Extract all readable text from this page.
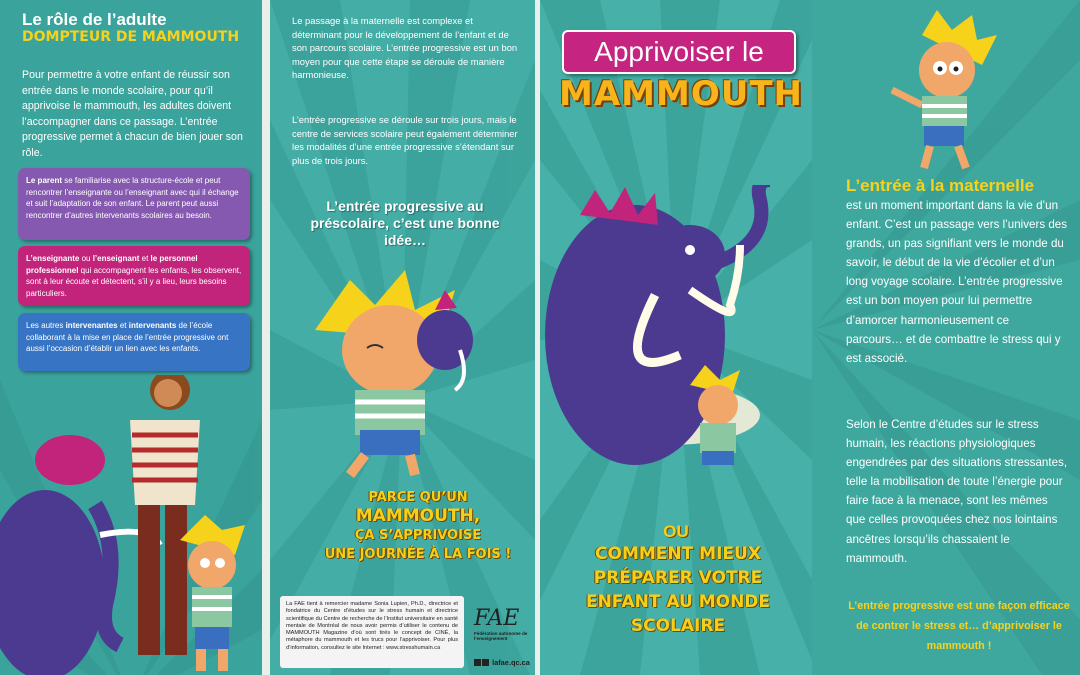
Le rôle de l’adulte
DOMPTEUR DE MAMMOUTH
Pour permettre à votre enfant de réussir son entrée dans le monde scolaire, pour qu’il apprivoise le mammouth, les adultes doivent l’accompagner dans ce passage. L’entrée progressive permet à chacun de bien jouer son rôle.
Le parent se familiarise avec la structure-école et peut rencontrer l’enseignante ou l’enseignant avec qui il échange et suit l’adaptation de son enfant. Le parent peut aussi rencontrer d’autres intervenants scolaires au besoin.
L’enseignante ou l’enseignant et le personnel professionnel qui accompagnent les enfants, les observent, sont à leur écoute et détectent, s’il y a lieu, leurs besoins particuliers.
Les autres intervenantes et intervenants de l’école collaborant à la mise en place de l’entrée progressive ont aussi l’occasion d’établir un lien avec les enfants.
Le passage à la maternelle est complexe et déterminant pour le développement de l’enfant et de son parcours scolaire. L’entrée progressive est un bon moyen pour que cette étape se déroule de manière harmonieuse.
L’entrée progressive se déroule sur trois jours, mais le centre de services scolaire peut également déterminer les modalités d’une entrée progressive s’étendant sur plus de trois jours.
L’entrée progressive au préscolaire, c’est une bonne idée…
PARCE QU’UN
MAMMOUTH,
ÇA S’APPRIVOISE
UNE JOURNÉE À LA FOIS !
La FAE tient à remercier madame Sonia Lupien, Ph.D., directrice et fondatrice du Centre d’études sur le stress humain et directrice scientifique du Centre de recherche de l’Institut universitaire en santé mentale de Montréal de nous avoir permis d’utiliser le contenu de MAMMOUTH Magazine d’où sont tirés le concept de CINÉ, la métaphore du mammouth et les trucs pour l’apprivoiser. Pour plus d’information, consultez le site Internet : www.stresshumain.ca
FAE
Fédération autonome de l’enseignement
lafae.qc.ca
Apprivoiser le
MAMMOUTH
OU
COMMENT MIEUX PRÉPARER VOTRE ENFANT AU MONDE SCOLAIRE
L’entrée à la maternelle
est un moment important dans la vie d’un enfant. C’est un passage vers l’univers des grands, un pas signifiant vers le monde du savoir, le début de la vie d’écolier et d’un long voyage scolaire. L’entrée progressive est un bon moyen pour lui permettre d’amorcer harmonieusement ce parcours… et de combattre le stress qui y est associé.
Selon le Centre d’études sur le stress humain, les réactions physiologiques engendrées par des situations stressantes, telle la mobilisation de toute l’énergie pour faire face à la menace, sont les mêmes que celles provoquées chez nos lointains ancêtres lorsqu’ils chassaient le mammouth.
L’entrée progressive est une façon efficace de contrer le stress et… d’apprivoiser le mammouth !
